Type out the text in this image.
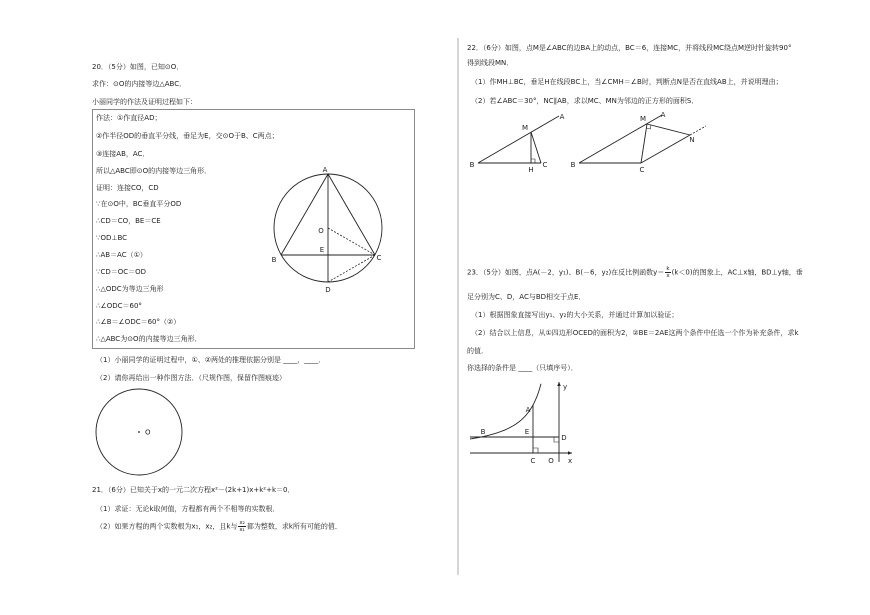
20．（5分）如图，已知⊙O．
求作：⊙O的内接等边△ABC．
小丽同学的作法及证明过程如下：
作法：①作直径AD；
②作半径OD的垂直平分线，垂足为E，交⊙O于B、C两点；
③连接AB，AC．
所以△ABC即⊙O的内接等边三角形．
证明：连接CO，CD
∵在⊙O中，BC垂直平分OD
∴CD＝CO，BE＝CE
∵OD⊥BC
∴AB＝AC（①）
∵CD＝OC＝OD
∴△ODC为等边三角形
∴∠ODC＝60°
∴∠B＝∠ODC＝60°（②）
∴△ABC为⊙O的内接等边三角形．
（1）小丽同学的证明过程中，①、②两处的推理依据分别是 ____，____．
（2）请你再给出一种作图方法．（尺规作图，保留作图痕迹）
21．（6分）已知关于x的一元二次方程x²－(2k+1)x+k²+k＝0．
（1）求证：无论k取何值，方程都有两个不相等的实数根．
（2）如果方程的两个实数根为x₁，x₂，且k与 $\frac{\text{x₂}}{\text{x₁}}$ 都为整数，求k所有可能的值．
22．（6分）如图，点M是∠ABC的边BA上的动点，BC＝6，连接MC，并将线段MC绕点M逆时针旋转90°
得到线段MN．
（1）作MH⊥BC，垂足H在线段BC上，当∠CMH＝∠B时，判断点N是否在直线AB上，并说明理由；
（2）若∠ABC＝30°，NC∥AB，求以MC、MN为邻边的正方形的面积S．
23．（5分）如图，点A(－2，y₁)、B(－6，y₂)在反比例函数$y= \frac{k}{x} (k<0)$的图象上，AC⊥x轴，BD⊥y轴，垂
足分别为C、D，AC与BD相交于点E．
（1）根据图象直接写出y₁、y₂的大小关系，并通过计算加以验证；
（2）结合以上信息，从①四边形OCED的面积为2，②BE＝2AE这两个条件中任选一个作为补充条件，求k
的值．
你选择的条件是 ____（只填序号）．
A
O
E
B	C
D
O
M
A
B
H
C
M A
N
B
C
y
x
O
A
B	E
C
D
